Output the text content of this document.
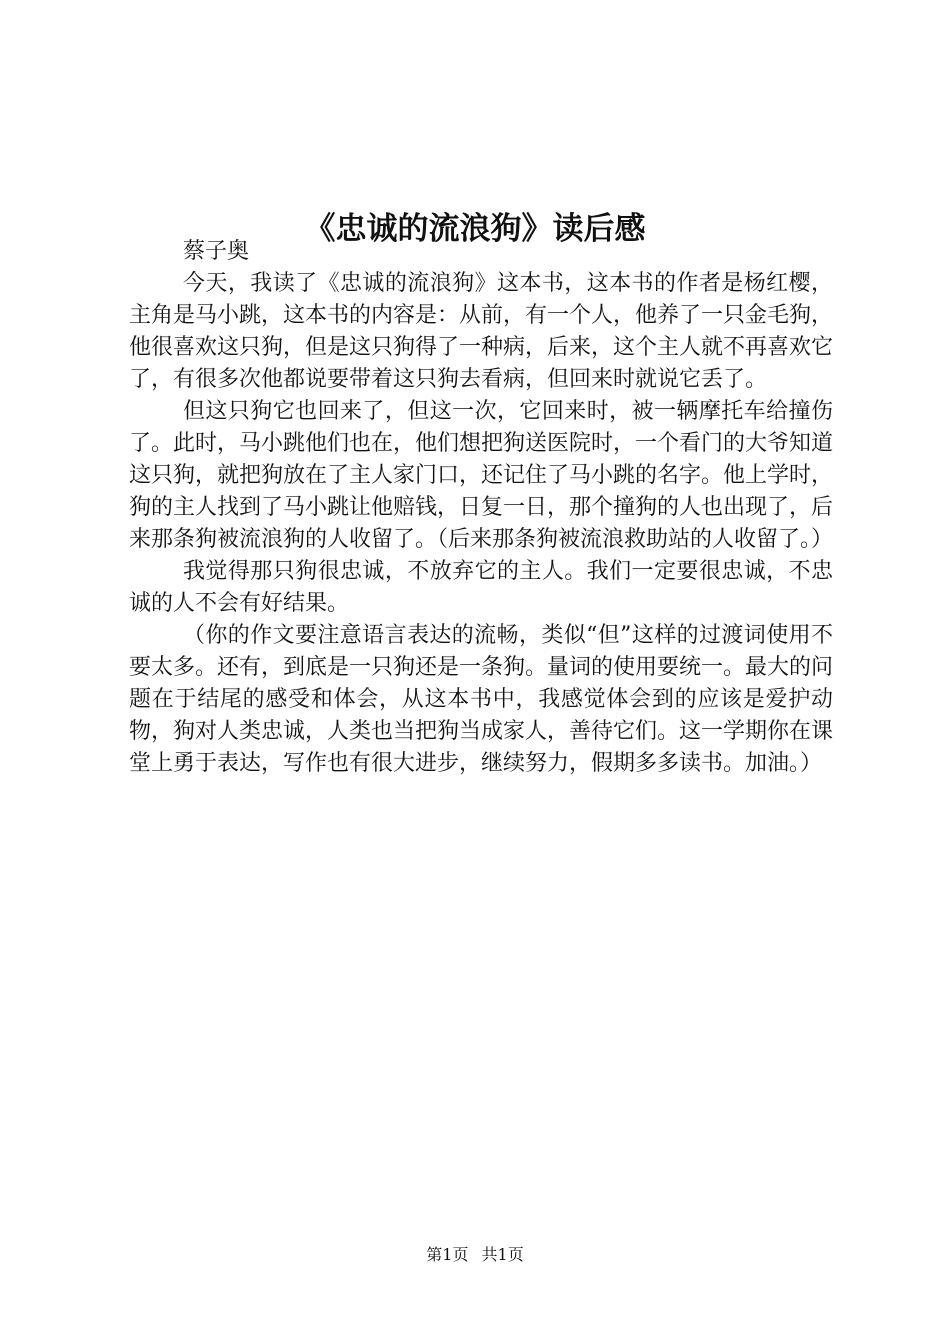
《忠诚的流浪狗》读后感

蔡子奥

今天，我读了《忠诚的流浪狗》这本书，这本书的作者是杨红樱，主角是马小跳，这本书的内容是：从前，有一个人，他养了一只金毛狗，他很喜欢这只狗，但是这只狗得了一种病，后来，这个主人就不再喜欢它了，有很多次他都说要带着这只狗去看病，但回来时就说它丢了。

但这只狗它也回来了，但这一次，它回来时，被一辆摩托车给撞伤了。此时，马小跳他们也在，他们想把狗送医院时，一个看门的大爷知道这只狗，就把狗放在了主人家门口，还记住了马小跳的名字。他上学时，狗的主人找到了马小跳让他赔钱，日复一日，那个撞狗的人也出现了，后来那条狗被流浪狗的人收留了。（后来那条狗被流浪救助站的人收留了。）

我觉得那只狗很忠诚，不放弃它的主人。我们一定要很忠诚，不忠诚的人不会有好结果。

（你的作文要注意语言表达的流畅，类似“但”这样的过渡词使用不要太多。还有，到底是一只狗还是一条狗。量词的使用要统一。最大的问题在于结尾的感受和体会，从这本书中，我感觉体会到的应该是爱护动物，狗对人类忠诚，人类也当把狗当成家人，善待它们。这一学期你在课堂上勇于表达，写作也有很大进步，继续努力，假期多多读书。加油。）

第1页 共1页
